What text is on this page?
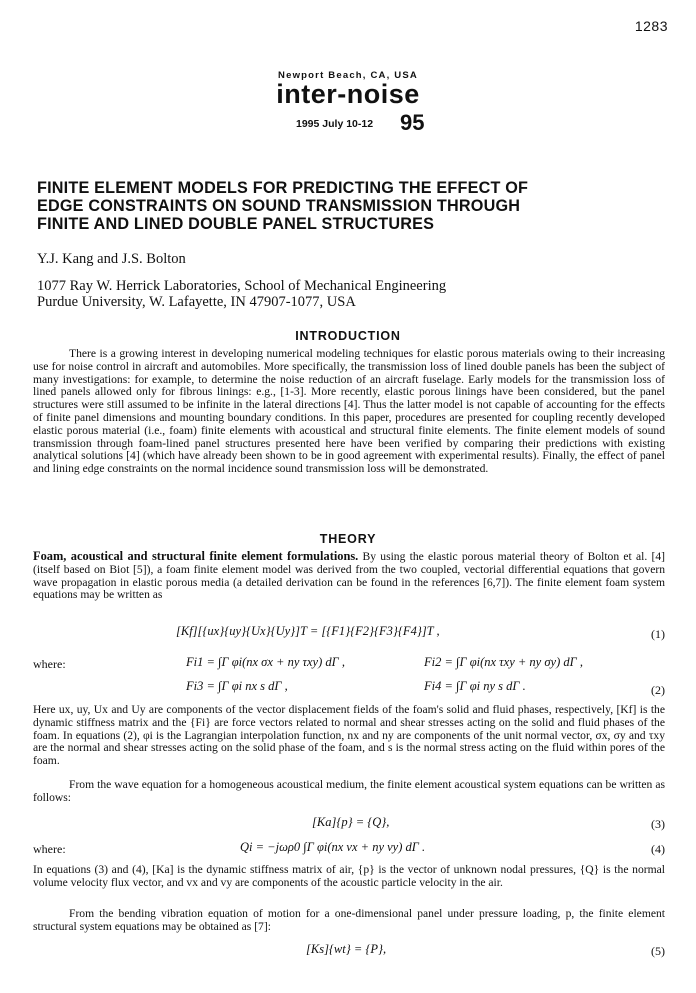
1283
Newport Beach, CA, USA
inter-noise
1995 July 10-12 95
FINITE ELEMENT MODELS FOR PREDICTING THE EFFECT OF
EDGE CONSTRAINTS ON SOUND TRANSMISSION THROUGH
FINITE AND LINED DOUBLE PANEL STRUCTURES
Y.J. Kang and J.S. Bolton
1077 Ray W. Herrick Laboratories, School of Mechanical Engineering
Purdue University, W. Lafayette, IN 47907-1077, USA
INTRODUCTION
There is a growing interest in developing numerical modeling techniques for elastic porous materials owing to their increasing use for noise control in aircraft and automobiles. More specifically, the transmission loss of lined double panels has been the subject of many investigations: for example, to determine the noise reduction of an aircraft fuselage. Early models for the transmission loss of lined panels allowed only for fibrous linings: e.g., [1-3]. More recently, elastic porous linings have been considered, but the panel structures were still assumed to be infinite in the lateral directions [4]. Thus the latter model is not capable of accounting for the effects of finite panel dimensions and mounting boundary conditions. In this paper, procedures are presented for coupling recently developed elastic porous material (i.e., foam) finite elements with acoustical and structural finite elements. The finite element models of sound transmission through foam-lined panel structures presented here have been verified by comparing their predictions with existing analytical solutions [4] (which have already been shown to be in good agreement with experimental results). Finally, the effect of panel and lining edge constraints on the normal incidence sound transmission loss will be demonstrated.
THEORY
Foam, acoustical and structural finite element formulations. By using the elastic porous material theory of Bolton et al. [4] (itself based on Biot [5]), a foam finite element model was derived from the two coupled, vectorial differential equations that govern wave propagation in elastic porous media (a detailed derivation can be found in the references [6,7]). The finite element foam system equations may be written as
[Kf][{ux}{uy}{Ux}{Uy}]T = [{F1}{F2}{F3}{F4}]T ,	(1)
where:	Fi1 = ∫Γ φi(nx σx + ny τxy) dΓ ,	Fi2 = ∫Γ φi(nx τxy + ny σy) dΓ ,
Fi3 = ∫Γ φi nx s dΓ ,	Fi4 = ∫Γ φi ny s dΓ .	(2)
Here ux, uy, Ux and Uy are components of the vector displacement fields of the foam's solid and fluid phases, respectively, [Kf] is the dynamic stiffness matrix and the {Fi} are force vectors related to normal and shear stresses acting on the solid and fluid phases of the foam. In equations (2), φi is the Lagrangian interpolation function, nx and ny are components of the unit normal vector, σx, σy and τxy are the normal and shear stresses acting on the solid phase of the foam, and s is the normal stress acting on the fluid within pores of the foam.
From the wave equation for a homogeneous acoustical medium, the finite element acoustical system equations can be written as follows:
[Ka]{p} = {Q},	(3)
where:	Qi = −jωρ0 ∫Γ φi(nx vx + ny vy) dΓ .	(4)
In equations (3) and (4), [Ka] is the dynamic stiffness matrix of air, {p} is the vector of unknown nodal pressures, {Q} is the normal volume velocity flux vector, and vx and vy are components of the acoustic particle velocity in the air.
From the bending vibration equation of motion for a one-dimensional panel under pressure loading, p, the finite element structural system equations may be obtained as [7]:
[Ks]{wt} = {P},	(5)
